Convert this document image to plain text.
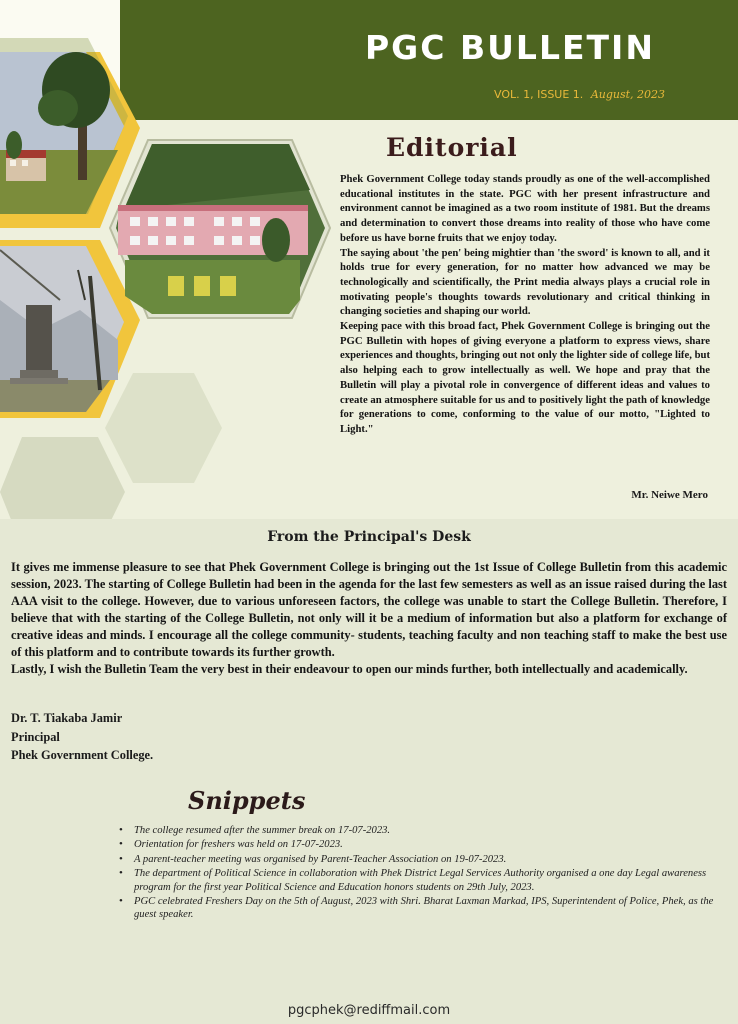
PGC BULLETIN
VOL. 1, ISSUE 1. August, 2023
Editorial

Phek Government College today stands proudly as one of the well-accomplished educational institutes in the state. PGC with her present infrastructure and environment cannot be imagined as a two room institute of 1981. But the dreams and determination to convert those dreams into reality of those who have come before us have borne fruits that we enjoy today.

The saying about 'the pen' being mightier than 'the sword' is known to all, and it holds true for every generation, for no matter how advanced we may be technologically and scientifically, the Print media always plays a crucial role in motivating people's thoughts towards revolutionary and critical thinking in changing societies and shaping our world.

Keeping pace with this broad fact, Phek Government College is bringing out the PGC Bulletin with hopes of giving everyone a platform to express views, share experiences and thoughts, bringing out not only the lighter side of college life, but also helping each to grow intellectually as well. We hope and pray that the Bulletin will play a pivotal role in convergence of different ideas and values to create an atmosphere suitable for us and to positively light the path of knowledge for generations to come, conforming to the value of our motto, "Lighted to Light."

Mr. Neiwe Mero
From the Principal's Desk

It gives me immense pleasure to see that Phek Government College is bringing out the 1st Issue of College Bulletin from this academic session, 2023. The starting of College Bulletin had been in the agenda for the last few semesters as well as an issue raised during the last AAA visit to the college. However, due to various unforeseen factors, the college was unable to start the College Bulletin. Therefore, I believe that with the starting of the College Bulletin, not only will it be a medium of information but also a platform for exchange of creative ideas and minds. I encourage all the college community- students, teaching faculty and non teaching staff to make the best use of this platform and to contribute towards its further growth.

Lastly, I wish the Bulletin Team the very best in their endeavour to open our minds further, both intellectually and academically.

Dr. T. Tiakaba Jamir
Principal
Phek Government College.
Snippets
• The college resumed after the summer break on 17-07-2023.
• Orientation for freshers was held on 17-07-2023.
• A parent-teacher meeting was organised by Parent-Teacher Association on 19-07-2023.
• The department of Political Science in collaboration with Phek District Legal Services Authority organised a one day Legal awareness program for the first year Political Science and Education honors students on 29th July, 2023.
• PGC celebrated Freshers Day on the 5th of August, 2023 with Shri. Bharat Laxman Markad, IPS, Superintendent of Police, Phek, as the guest speaker.
pgcphek@rediffmail.com
